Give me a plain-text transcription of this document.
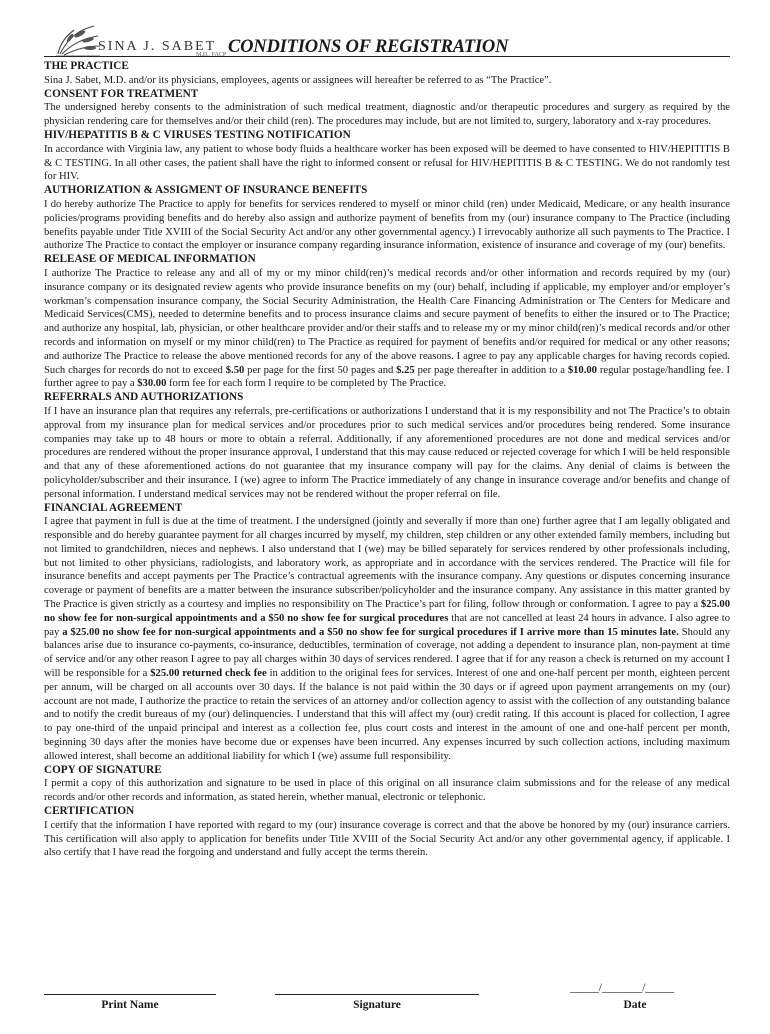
SINA J. SABET
M.D., FACP CONDITIONS OF REGISTRATION

THE PRACTICE

Sina J. Sabet, M.D. and/or its physicians, employees, agents or assignees will hereafter be referred to as “The Practice”.

CONSENT FOR TREATMENT

The undersigned hereby consents to the administration of such medical treatment, diagnostic and/or therapeutic procedures and surgery as required by the physician rendering care for themselves and/or their child (ren). The procedures may include, but are not limited to, surgery, laboratory and x-ray procedures.

HIV/HEPATITIS B & C VIRUSES TESTING NOTIFICATION

In accordance with Virginia law, any patient to whose body fluids a healthcare worker has been exposed will be deemed to have consented to HIV/HEPITITIS B & C TESTING. In all other cases, the patient shall have the right to informed consent or refusal for HIV/HEPITITIS B & C TESTING. We do not randomly test for HIV.

AUTHORIZATION & ASSIGMENT OF INSURANCE BENEFITS

I do hereby authorize The Practice to apply for benefits for services rendered to myself or minor child (ren) under Medicaid, Medicare, or any health insurance policies/programs providing benefits and do hereby also assign and authorize payment of benefits from my (our) insurance company to The Practice (including benefits payable under Title XVIII of the Social Security Act and/or any other governmental agency.) I irrevocably authorize all such payments to The Practice. I authorize The Practice to contact the employer or insurance company regarding insurance information, existence of insurance and coverage of my (our) benefits.

RELEASE OF MEDICAL INFORMATION

I authorize The Practice to release any and all of my or my minor child(ren)’s medical records and/or other information and records required by my (our) insurance company or its designated review agents who provide insurance benefits on my (our) behalf, including if applicable, my employer and/or employer’s workman’s compensation insurance company, the Social Security Administration, the Health Care Financing Administration or The Centers for Medicare and Medicaid Services(CMS), needed to determine benefits and to process insurance claims and secure payment of benefits to either the insured or to The Practice; and authorize any hospital, lab, physician, or other healthcare provider and/or their staffs and to release my or my minor child(ren)’s medical records and/or other records and information on myself or my minor child(ren) to The Practice as required for payment of benefits and/or required for medical or any other reasons; and authorize The Practice to release the above mentioned records for any of the above reasons. I agree to pay any applicable charges for having records copied. Such charges for records do not to exceed $.50 per page for the first 50 pages and $.25 per page thereafter in addition to a $10.00 regular postage/handling fee. I further agree to pay a $30.00 form fee for each form I require to be completed by The Practice.

REFERRALS AND AUTHORIZATIONS

If I have an insurance plan that requires any referrals, pre-certifications or authorizations I understand that it is my responsibility and not The Practice’s to obtain approval from my insurance plan for medical services and/or procedures prior to such medical services and/or procedures being rendered. Some insurance companies may take up to 48 hours or more to obtain a referral. Additionally, if any aforementioned procedures are not done and medical services and/or procedures are rendered without the proper insurance approval, I understand that this may cause reduced or rejected coverage for which I will be held responsible and that any of these aforementioned actions do not guarantee that my insurance company will pay for the claims. Any denial of claims is between the policyholder/subscriber and their insurance. I (we) agree to inform The Practice immediately of any change in insurance coverage and/or benefits and change of personal information. I understand medical services may not be rendered without the proper referral on file.

FINANCIAL AGREEMENT

I agree that payment in full is due at the time of treatment. I the undersigned (jointly and severally if more than one) further agree that I am legally obligated and responsible and do hereby guarantee payment for all charges incurred by myself, my children, step children or any other extended family members, including but not limited to grandchildren, nieces and nephews. I also understand that I (we) may be billed separately for services rendered by other professionals including, but not limited to other physicians, radiologists, and laboratory work, as appropriate and in accordance with the services rendered. The Practice will file for insurance benefits and accept payments per The Practice’s contractual agreements with the insurance company. Any questions or disputes concerning insurance coverage or payment of benefits are a matter between the insurance subscriber/policyholder and the insurance company. Any assistance in this matter granted by The Practice is given strictly as a courtesy and implies no responsibility on The Practice’s part for filing, follow through or conformation. I agree to pay a $25.00 no show fee for non-surgical appointments and a $50 no show fee for surgical procedures that are not cancelled at least 24 hours in advance. I also agree to pay a $25.00 no show fee for non-surgical appointments and a $50 no show fee for surgical procedures if I arrive more than 15 minutes late. Should any balances arise due to insurance co-payments, co-insurance, deductibles, termination of coverage, not adding a dependent to insurance plan, non-payment at time of service and/or any other reason I agree to pay all charges within 30 days of services rendered. I agree that if for any reason a check is returned on my account I will be responsible for a $25.00 returned check fee in addition to the original fees for services. Interest of one and one-half percent per month, eighteen percent per annum, will be charged on all accounts over 30 days. If the balance is not paid within the 30 days or if agreed upon payment arrangements on my (our) account are not made, I authorize the practice to retain the services of an attorney and/or collection agency to assist with the collection of any outstanding balance and to notify the credit bureaus of my (our) delinquencies. I understand that this will affect my (our) credit rating. If this account is placed for collection, I agree to pay one-third of the unpaid principal and interest as a collection fee, plus court costs and interest in the amount of one and one-half percent per month, beginning 30 days after the monies have become due or expenses have been incurred. Any expenses incurred by such collection actions, including maximum allowed interest, shall become an additional liability for which I (we) assume full responsibility.

COPY OF SIGNATURE

I permit a copy of this authorization and signature to be used in place of this original on all insurance claim submissions and for the release of any medical records and/or other records and information, as stated herein, whether manual, electronic or telephonic.

CERTIFICATION

I certify that the information I have reported with regard to my (our) insurance coverage is correct and that the above be honored by my (our) insurance carriers. This certification will also apply to application for benefits under Title XVIII of the Social Security Act and/or any other governmental agency, if applicable. I also certify that I have read the forgoing and understand and fully accept the terms therein.

Print Name	Signature
_____/_______/_____
Date
